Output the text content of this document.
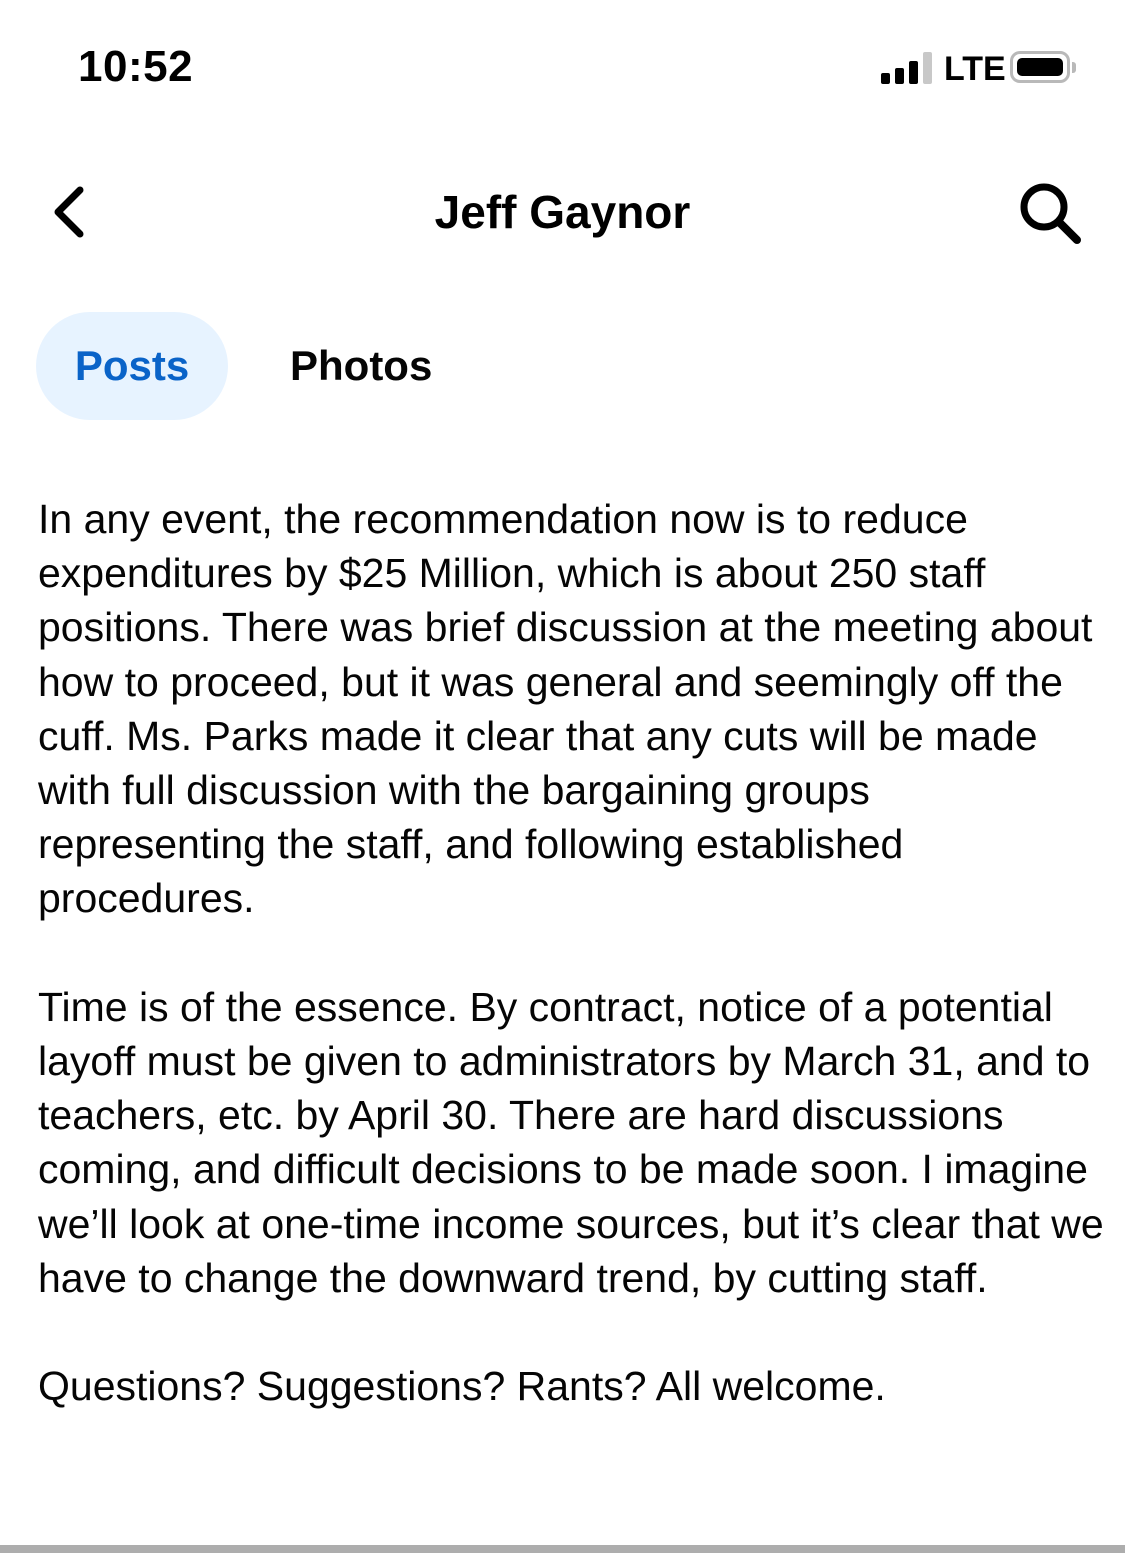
10:52	LTE
Jeff Gaynor
Posts	Photos

In any event, the recommendation now is to reduce expenditures by $25 Million, which is about 250 staff positions. There was brief discussion at the meeting about how to proceed, but it was general and seemingly off the cuff. Ms. Parks made it clear that any cuts will be made with full discussion with the bargaining groups representing the staff, and following established procedures.

Time is of the essence. By contract, notice of a potential layoff must be given to administrators by March 31, and to teachers, etc. by April 30. There are hard discussions coming, and difficult decisions to be made soon. I imagine we’ll look at one-time income sources, but it’s clear that we have to change the downward trend, by cutting staff.

Questions? Suggestions? Rants? All welcome.
